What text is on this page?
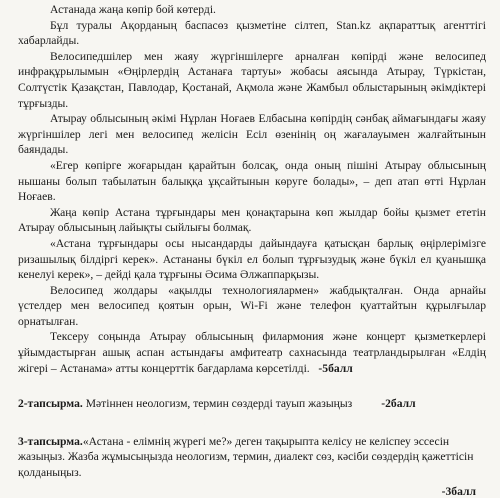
Астанада жаңа көпір бой көтерді.

Бұл туралы Ақорданың баспасөз қызметіне сілтеп, Stan.kz ақпараттық агенттігі хабарлайды.

Велосипедшілер мен жаяу жүргіншілерге арналған көпірді және велосипед инфрақұрылымын «Өңірлердің Астанаға тартуы» жобасы аясында Атырау, Түркістан, Солтүстік Қазақстан, Павлодар, Қостанай, Ақмола және Жамбыл облыстарының әкімдіктері тұрғызды.

Атырау облысының әкімі Нұрлан Ноғаев Елбасына көпірдің сәнбақ аймағындағы жаяу жүргіншілер легі мен велосипед желісін Есіл өзенінің оң жағалауымен жалғайтынын баяндады.

«Егер көпірге жоғарыдан қарайтын болсақ, онда оның пішіні Атырау облысының нышаны болып табылатын балыққа ұқсайтынын көруге болады», – деп атап өтті Нұрлан Ноғаев.

Жаңа көпір Астана тұрғындары мен қонақтарына көп жылдар бойы қызмет ететін Атырау облысының лайықты сыйлығы болмақ.

«Астана тұрғындары осы нысандарды дайындауға қатысқан барлық өңірлерімізге ризашылық білдіргі керек». Астананы бүкіл ел болып тұрғызудық және бүкіл ел қуанышқа кенелуі керек», – дейді қала тұрғыны Әсима Әлжаппарқызы.

Велосипед жолдары «ақылды технологиялармен» жабдықталған. Онда арнайы үстелдер мен велосипед қоятын орын, Wi-Fi және телефон қуаттайтын құрылғылар орнатылған.

Тексеру соңында Атырау облысының филармония және концерт қызметкерлері ұйымдастырған ашық аспан астындағы амфитеатр сахнасында театрландырылған «Елдің жігері – Астанама» атты концерттік бағдарлама көрсетілді. -5балл

2-тапсырма. Мәтіннен неологизм, термин сөздерді тауып жазыңыз -2балл

3-тапсырма.«Астана - елімнің жүрегі ме?» деген тақырыпта келісу не келіспеу эссесін жазыңыз. Жазба жұмысыңызда неологизм, термин, диалект сөз, кәсіби сөздердің қажеттісін қолданыңыз.

-3балл
